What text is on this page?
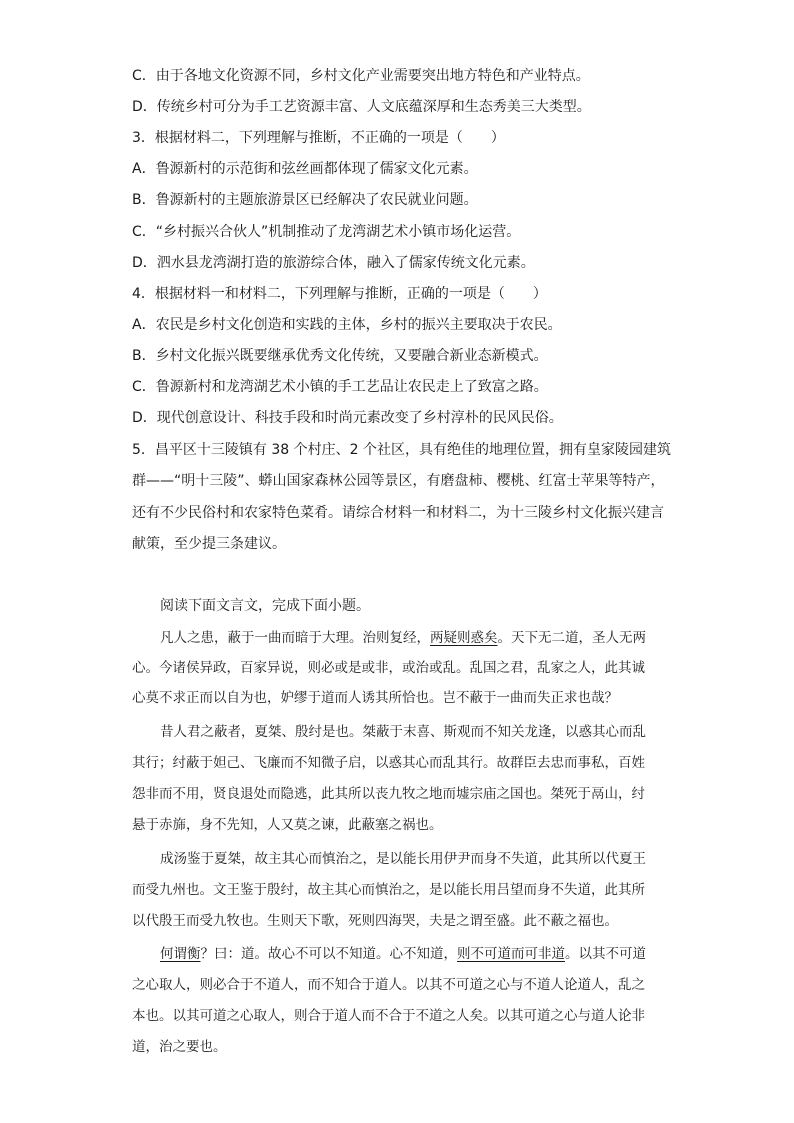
C．由于各地文化资源不同，乡村文化产业需要突出地方特色和产业特点。
D．传统乡村可分为手工艺资源丰富、人文底蕴深厚和生态秀美三大类型。
3．根据材料二，下列理解与推断，不正确的一项是（　　）
A．鲁源新村的示范街和弦丝画都体现了儒家文化元素。
B．鲁源新村的主题旅游景区已经解决了农民就业问题。
C．“乡村振兴合伙人”机制推动了龙湾湖艺术小镇市场化运营。
D．泗水县龙湾湖打造的旅游综合体，融入了儒家传统文化元素。
4．根据材料一和材料二，下列理解与推断，正确的一项是（　　）
A．农民是乡村文化创造和实践的主体，乡村的振兴主要取决于农民。
B．乡村文化振兴既要继承优秀文化传统，又要融合新业态新模式。
C．鲁源新村和龙湾湖艺术小镇的手工艺品让农民走上了致富之路。
D．现代创意设计、科技手段和时尚元素改变了乡村淳朴的民风民俗。
5．昌平区十三陵镇有 38 个村庄、2 个社区，具有绝佳的地理位置，拥有皇家陵园建筑
群——“明十三陵”、蟒山国家森林公园等景区，有磨盘柿、樱桃、红富士苹果等特产，
还有不少民俗村和农家特色菜肴。请综合材料一和材料二，为十三陵乡村文化振兴建言
献策，至少提三条建议。
阅读下面文言文，完成下面小题。
凡人之患，蔽于一曲而暗于大理。治则复经，两疑则惑矣。天下无二道，圣人无两
心。今诸侯异政，百家异说，则必或是或非，或治或乱。乱国之君，乱家之人，此其诚
心莫不求正而以自为也，妒缪于道而人诱其所恰也。岂不蔽于一曲而失正求也哉？
昔人君之蔽者，夏桀、殷纣是也。桀蔽于末喜、斯观而不知关龙逢，以惑其心而乱
其行；纣蔽于妲己、飞廉而不知微子启，以惑其心而乱其行。故群臣去忠而事私，百姓
怨非而不用，贤良退处而隐逃，此其所以丧九牧之地而墟宗庙之国也。桀死于鬲山，纣
悬于赤旆，身不先知，人又莫之谏，此蔽塞之祸也。
成汤鉴于夏桀，故主其心而慎治之，是以能长用伊尹而身不失道，此其所以代夏王
而受九州也。文王鉴于殷纣，故主其心而慎治之，是以能长用吕望而身不失道，此其所
以代殷王而受九牧也。生则天下歌，死则四海哭，夫是之谓至盛。此不蔽之福也。
何谓衡？曰：道。故心不可以不知道。心不知道，则不可道而可非道。以其不可道
之心取人，则必合于不道人，而不知合于道人。以其不可道之心与不道人论道人，乱之
本也。以其可道之心取人，则合于道人而不合于不道之人矣。以其可道之心与道人论非
道，治之要也。
